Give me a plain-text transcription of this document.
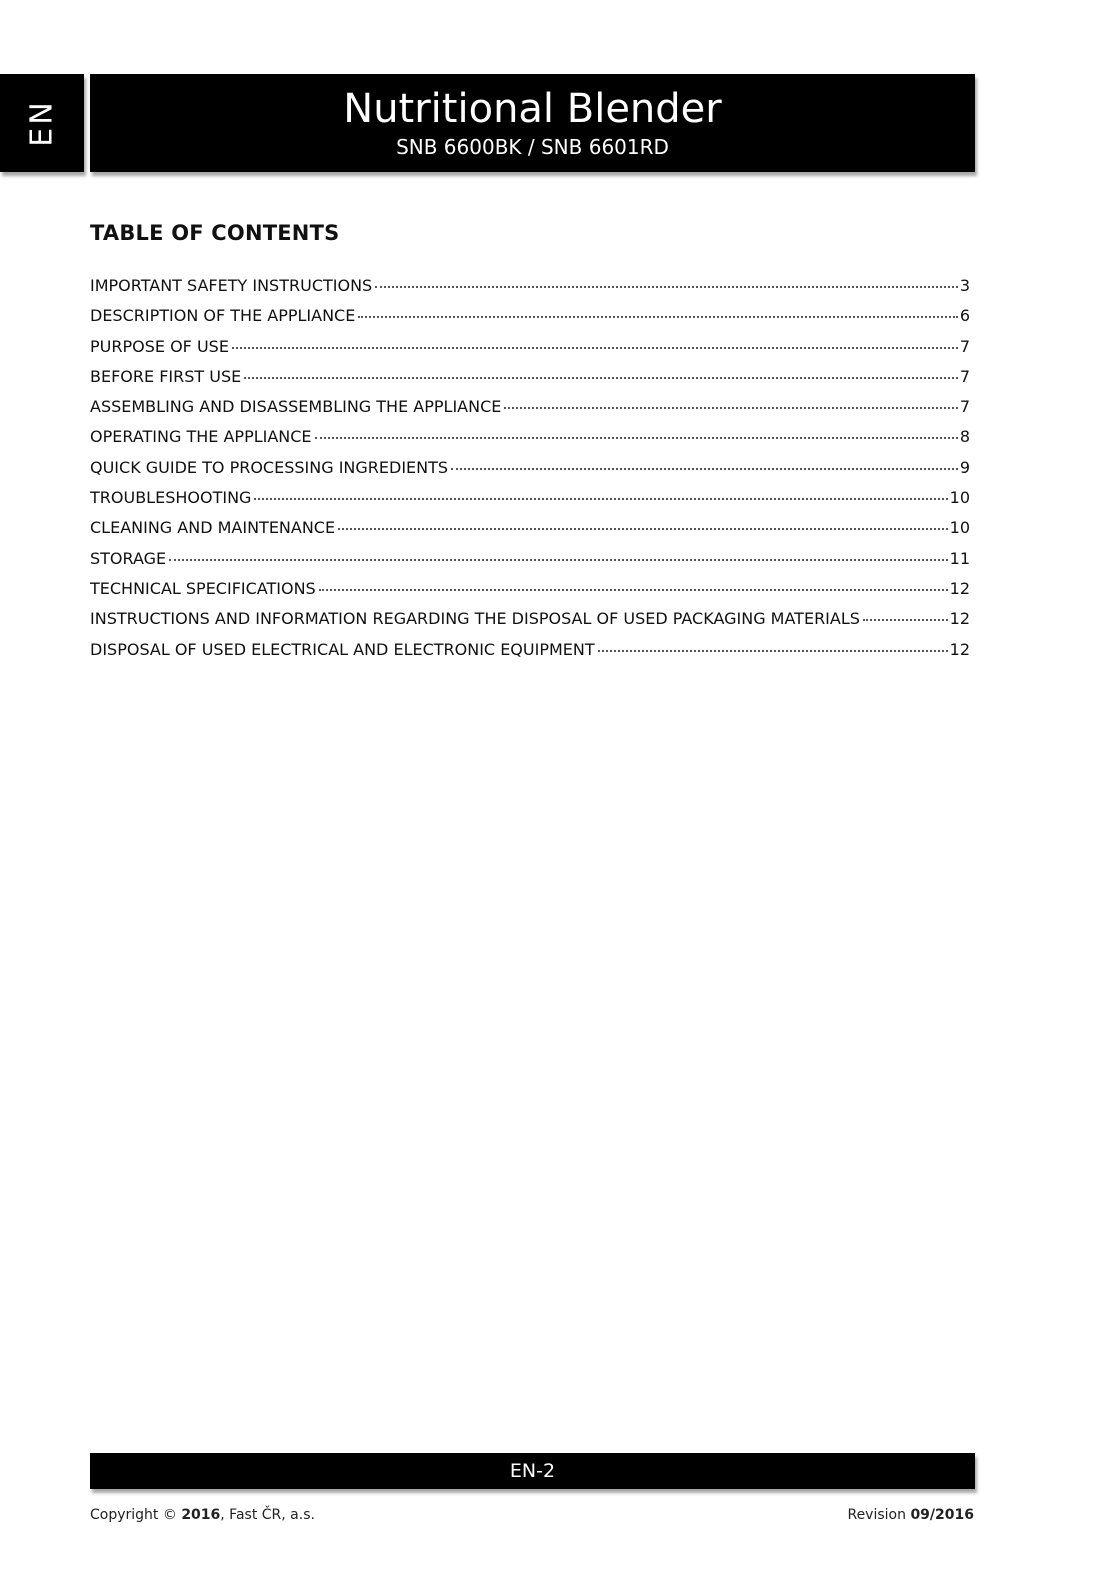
EN	Nutritional Blender
SNB 6600BK / SNB 6601RD
TABLE OF CONTENTS
IMPORTANT SAFETY INSTRUCTIONS	3
DESCRIPTION OF THE APPLIANCE	6
PURPOSE OF USE	7
BEFORE FIRST USE	7
ASSEMBLING AND DISASSEMBLING THE APPLIANCE	7
OPERATING THE APPLIANCE	8
QUICK GUIDE TO PROCESSING INGREDIENTS	9
TROUBLESHOOTING	10
CLEANING AND MAINTENANCE	10
STORAGE	11
TECHNICAL SPECIFICATIONS	12
INSTRUCTIONS AND INFORMATION REGARDING THE DISPOSAL OF USED PACKAGING MATERIALS	12
DISPOSAL OF USED ELECTRICAL AND ELECTRONIC EQUIPMENT	12
EN-2
Copyright © 2016, Fast ČR, a.s.	Revision 09/2016
